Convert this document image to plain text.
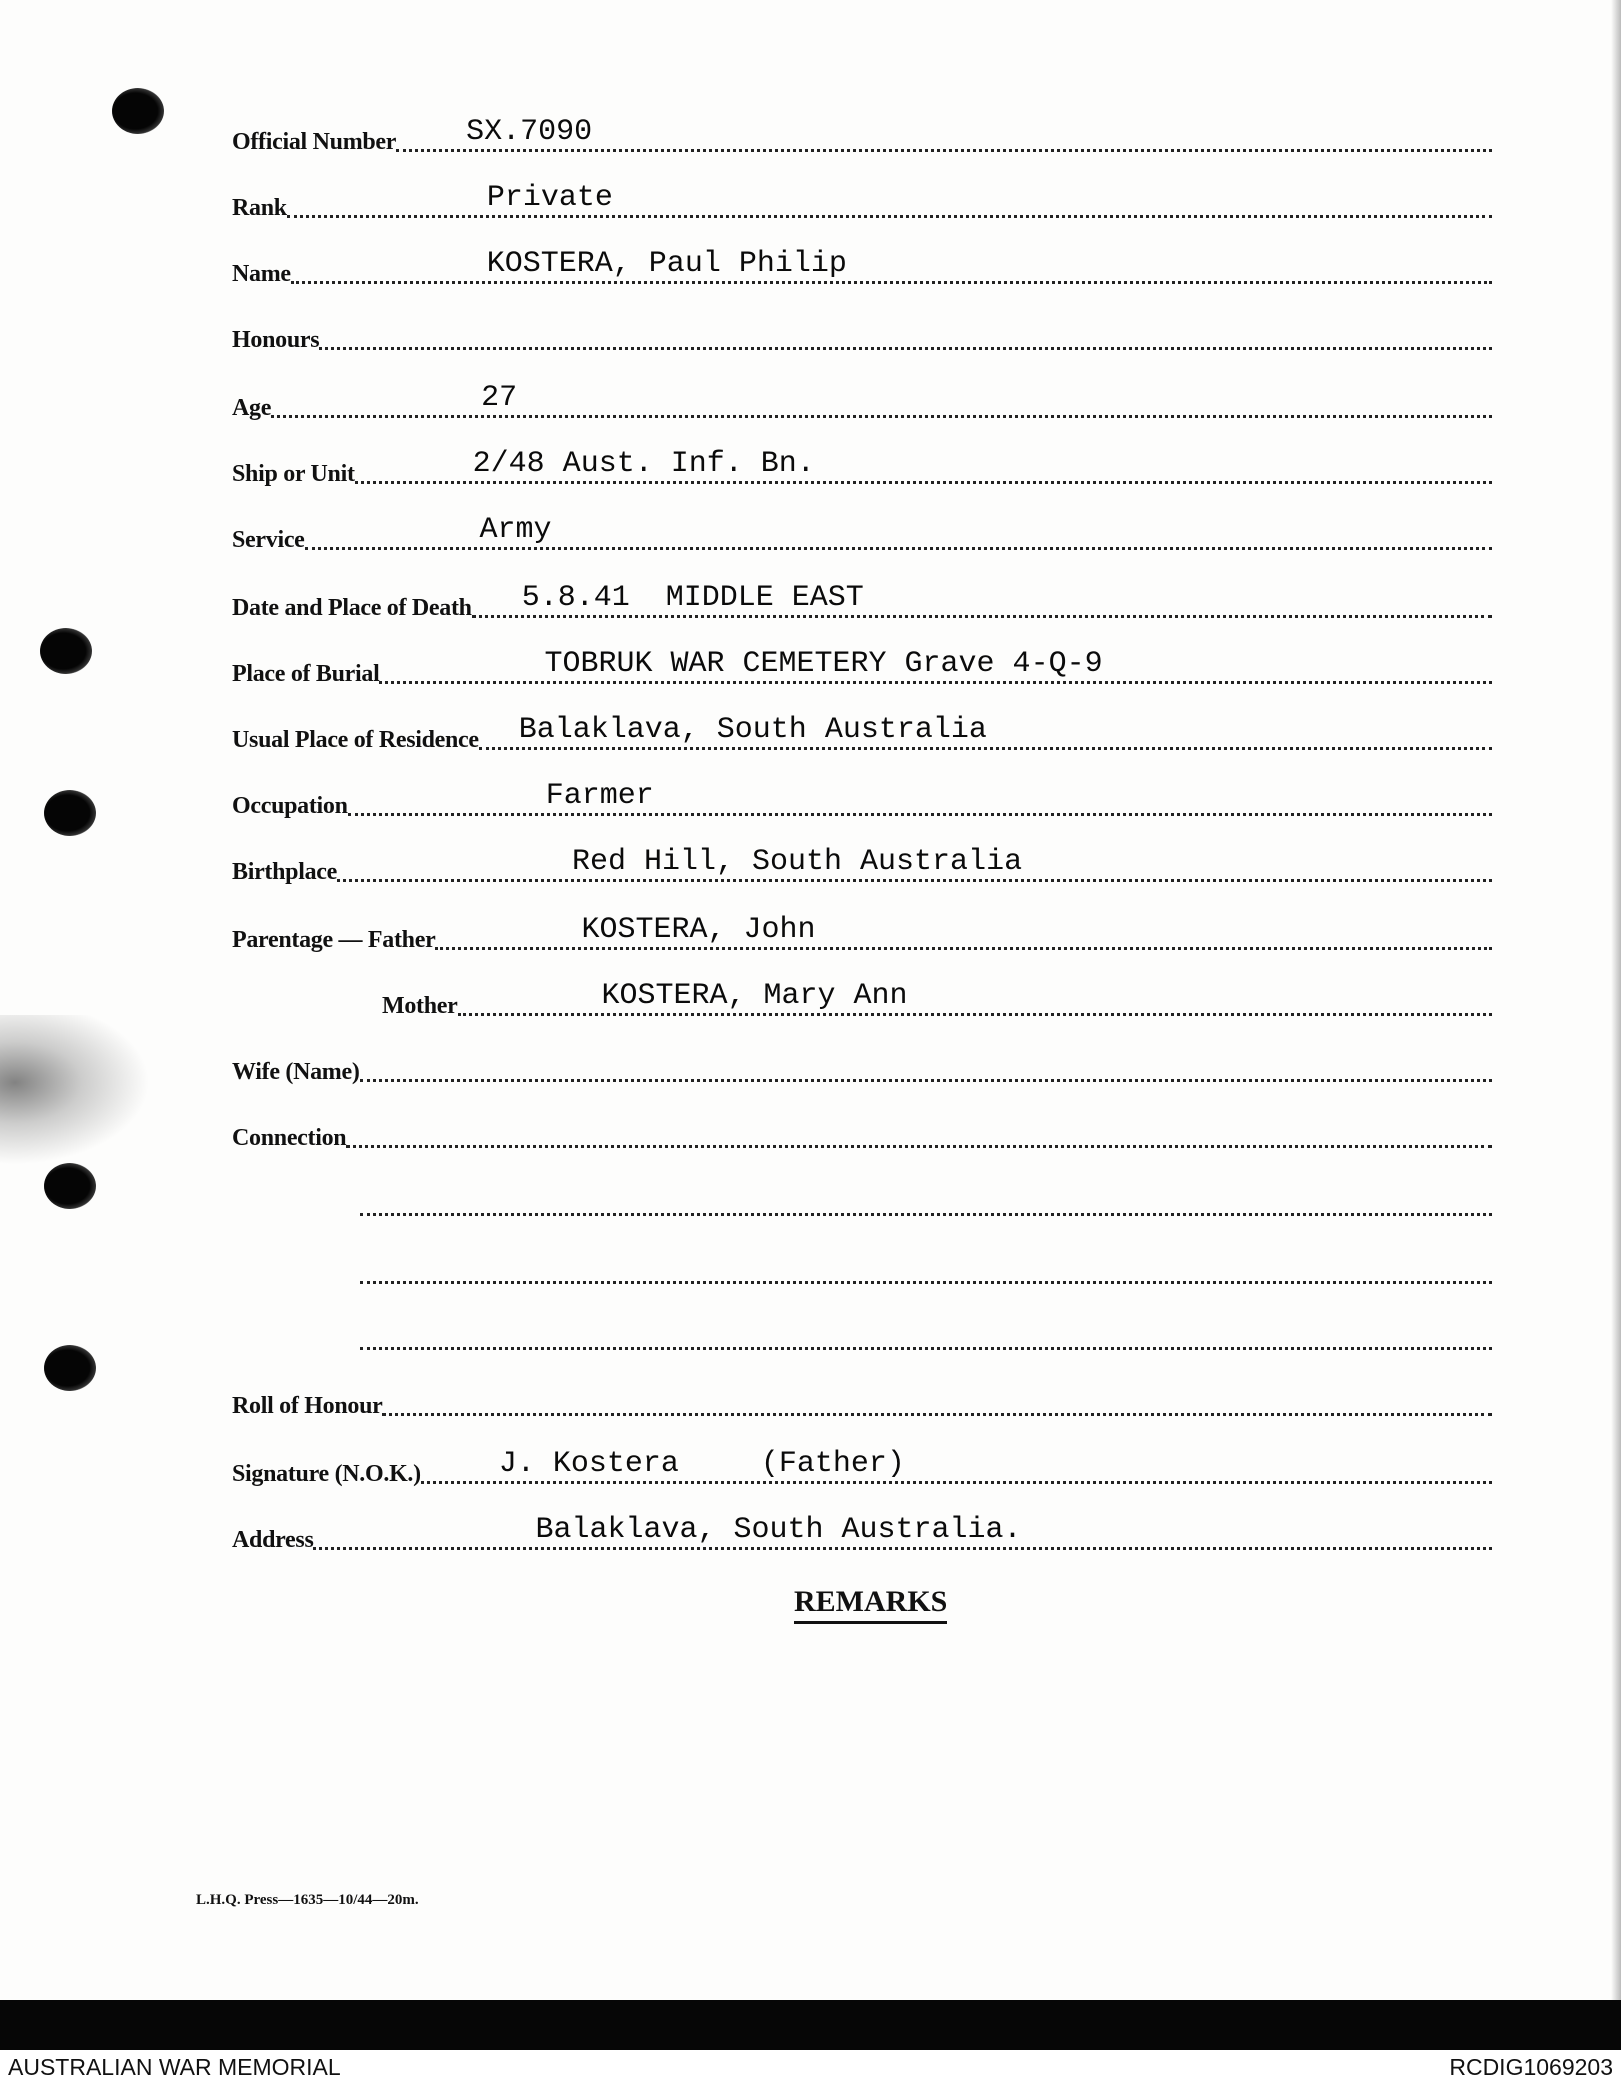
Official Number SX.7090
Rank	Private
Name	KOSTERA, Paul Philip
Honours
Age	27
Ship or Unit	2/48 Aust. Inf. Bn.
Service	Army
Date and Place of Death 5.8.41  MIDDLE EAST
Place of Burial	TOBRUK WAR CEMETERY Grave 4-Q-9
Usual Place of Residence Balaklava, South Australia
Occupation	Farmer
Birthplace	Red Hill, South Australia
Parentage — Father	KOSTERA, John
Mother	KOSTERA, Mary Ann
Wife (Name)
Connection
Roll of Honour
Signature (N.O.K.)	J. Kostera	(Father)
Address	Balaklava, South Australia.
REMARKS
L.H.Q. Press—1635—10/44—20m.
AUSTRALIAN WAR MEMORIAL	RCDIG1069203
